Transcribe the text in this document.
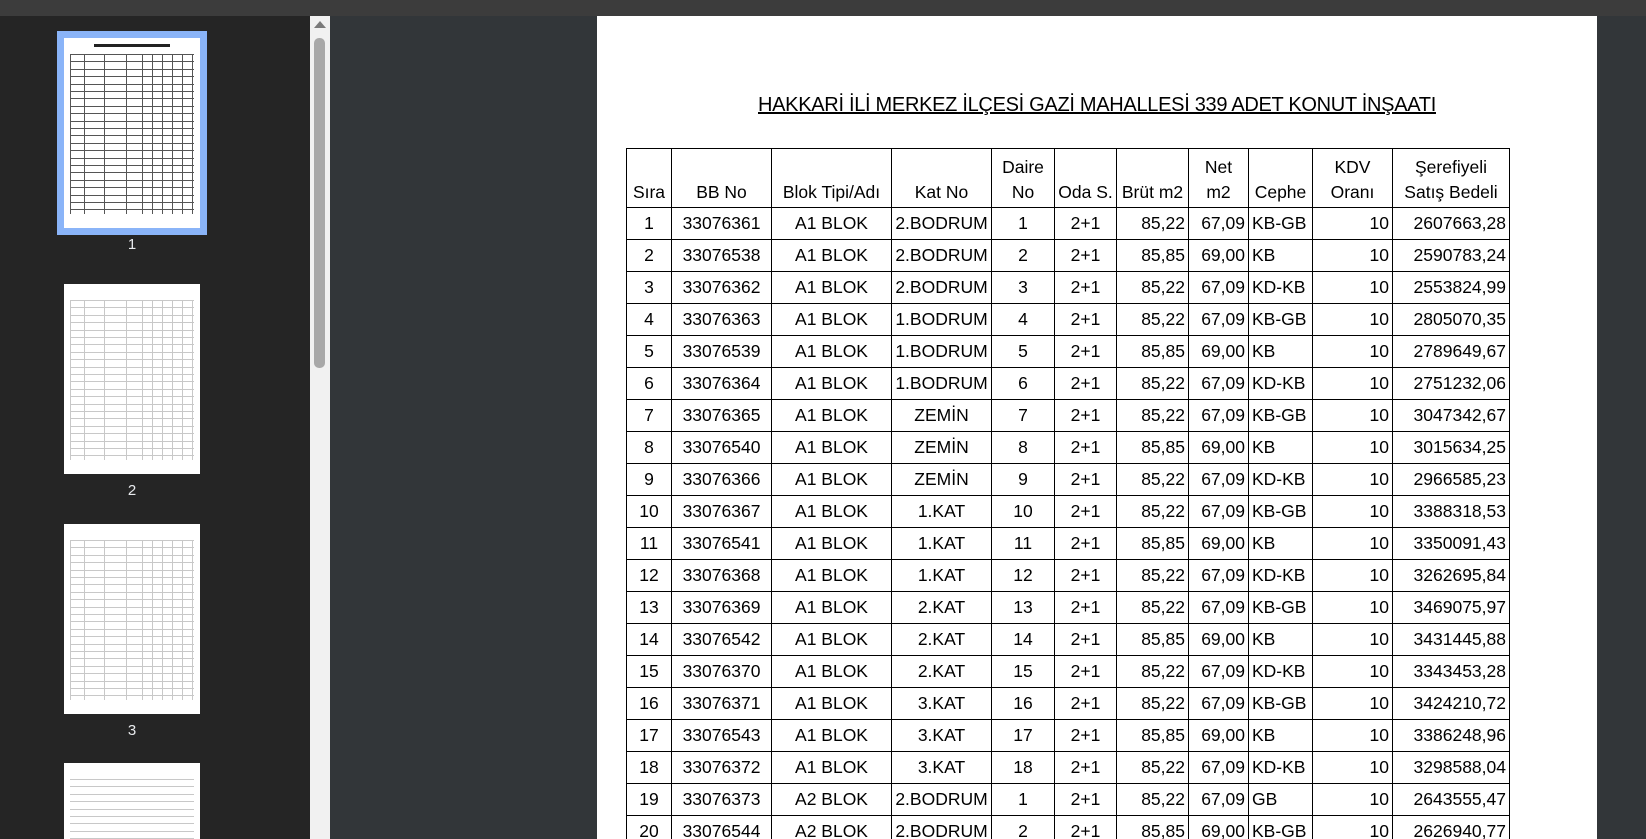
1
2
3
HAKKARİ İLİ MERKEZ İLÇESİ GAZİ MAHALLESİ 339 ADET KONUT İNŞAATI
Sıra	BB No	Blok Tipi/Adı	Kat No	Daire No	Oda S.	Brüt m2	Net m2	Cephe	KDV Oranı	Şerefiyeli Satış Bedeli
1	33076361	A1 BLOK	2.BODRUM	1	2+1	85,22	67,09	KB-GB	10	2607663,28
2	33076538	A1 BLOK	2.BODRUM	2	2+1	85,85	69,00	KB	10	2590783,24
3	33076362	A1 BLOK	2.BODRUM	3	2+1	85,22	67,09	KD-KB	10	2553824,99
4	33076363	A1 BLOK	1.BODRUM	4	2+1	85,22	67,09	KB-GB	10	2805070,35
5	33076539	A1 BLOK	1.BODRUM	5	2+1	85,85	69,00	KB	10	2789649,67
6	33076364	A1 BLOK	1.BODRUM	6	2+1	85,22	67,09	KD-KB	10	2751232,06
7	33076365	A1 BLOK	ZEMİN	7	2+1	85,22	67,09	KB-GB	10	3047342,67
8	33076540	A1 BLOK	ZEMİN	8	2+1	85,85	69,00	KB	10	3015634,25
9	33076366	A1 BLOK	ZEMİN	9	2+1	85,22	67,09	KD-KB	10	2966585,23
10	33076367	A1 BLOK	1.KAT	10	2+1	85,22	67,09	KB-GB	10	3388318,53
11	33076541	A1 BLOK	1.KAT	11	2+1	85,85	69,00	KB	10	3350091,43
12	33076368	A1 BLOK	1.KAT	12	2+1	85,22	67,09	KD-KB	10	3262695,84
13	33076369	A1 BLOK	2.KAT	13	2+1	85,22	67,09	KB-GB	10	3469075,97
14	33076542	A1 BLOK	2.KAT	14	2+1	85,85	69,00	KB	10	3431445,88
15	33076370	A1 BLOK	2.KAT	15	2+1	85,22	67,09	KD-KB	10	3343453,28
16	33076371	A1 BLOK	3.KAT	16	2+1	85,22	67,09	KB-GB	10	3424210,72
17	33076543	A1 BLOK	3.KAT	17	2+1	85,85	69,00	KB	10	3386248,96
18	33076372	A1 BLOK	3.KAT	18	2+1	85,22	67,09	KD-KB	10	3298588,04
19	33076373	A2 BLOK	2.BODRUM	1	2+1	85,22	67,09	GB	10	2643555,47
20	33076544	A2 BLOK	2.BODRUM	2	2+1	85,85	69,00	KB-GB	10	2626940,77
